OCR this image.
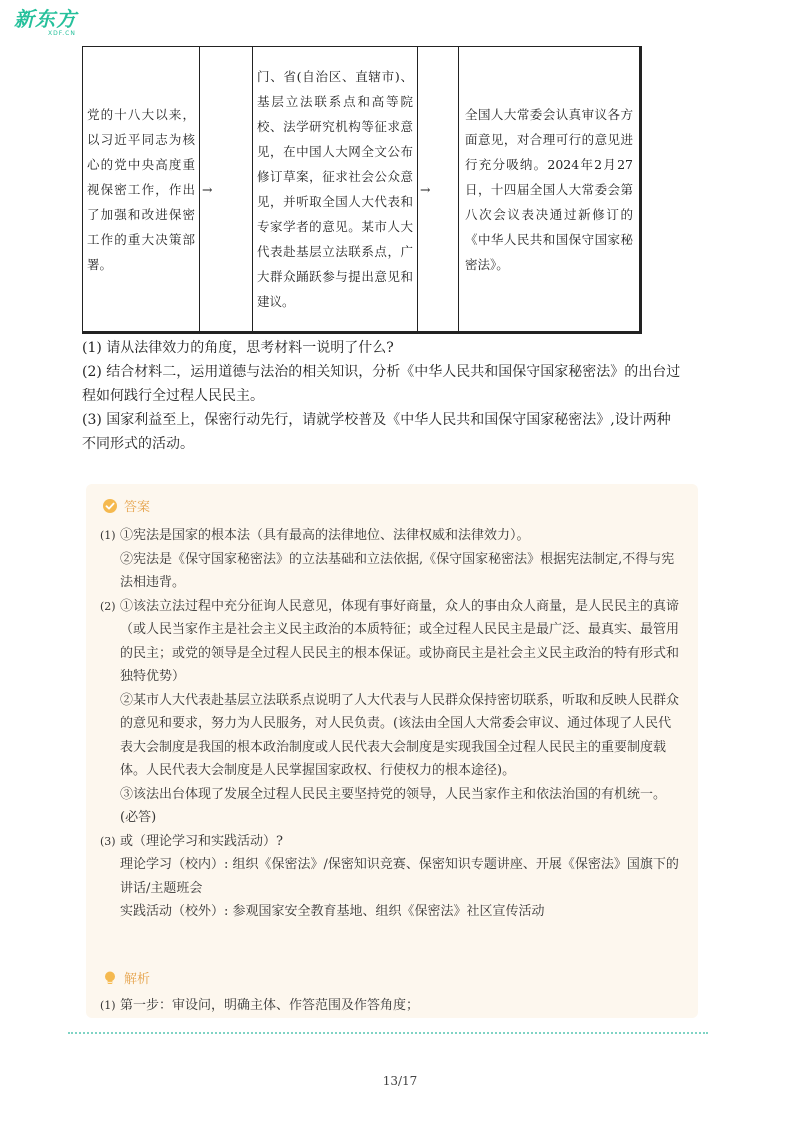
新东方
XDF.CN
党的十八大以来，以习近平同志为核心的党中央高度重视保密工作，作出了加强和改进保密工作的重大决策部署。	→	门、省(自治区、直辖市)、基层立法联系点和高等院校、法学研究机构等征求意见，在中国人大网全文公布修订草案，征求社会公众意见，并听取全国人大代表和专家学者的意见。某市人大代表赴基层立法联系点，广大群众踊跃参与提出意见和建议。	→	全国人大常委会认真审议各方面意见，对合理可行的意见进行充分吸纳。2024年2月27日，十四届全国人大常委会第八次会议表决通过新修订的《中华人民共和国保守国家秘密法》。

(1) 请从法律效力的角度，思考材料一说明了什么?

(2) 结合材料二，运用道德与法治的相关知识，分析《中华人民共和国保守国家秘密法》的出台过程如何践行全过程人民民主。

(3) 国家利益至上，保密行动先行，请就学校普及《中华人民共和国保守国家秘密法》,设计两种不同形式的活动。

答案
(1) ①宪法是国家的根本法（具有最高的法律地位、法律权威和法律效力）。
②宪法是《保守国家秘密法》的立法基础和立法依据,《保守国家秘密法》根据宪法制定,不得与宪法相违背。
(2) ①该法立法过程中充分征询人民意见，体现有事好商量，众人的事由众人商量，是人民民主的真谛（或人民当家作主是社会主义民主政治的本质特征；或全过程人民民主是最广泛、最真实、最管用的民主；或党的领导是全过程人民民主的根本保证。或协商民主是社会主义民主政治的特有形式和独特优势）
②某市人大代表赴基层立法联系点说明了人大代表与人民群众保持密切联系，听取和反映人民群众的意见和要求，努力为人民服务，对人民负责。(该法由全国人大常委会审议、通过体现了人民代表大会制度是我国的根本政治制度或人民代表大会制度是实现我国全过程人民民主的重要制度载体。人民代表大会制度是人民掌握国家政权、行使权力的根本途径)。
③该法出台体现了发展全过程人民民主要坚持党的领导，人民当家作主和依法治国的有机统一。(必答)
(3) 或（理论学习和实践活动）?
理论学习（校内）: 组织《保密法》/保密知识竞赛、保密知识专题讲座、开展《保密法》国旗下的讲话/主题班会
实践活动（校外）: 参观国家安全教育基地、组织《保密法》社区宣传活动
解析
(1) 第一步：审设问，明确主体、作答范围及作答角度；
13/17
